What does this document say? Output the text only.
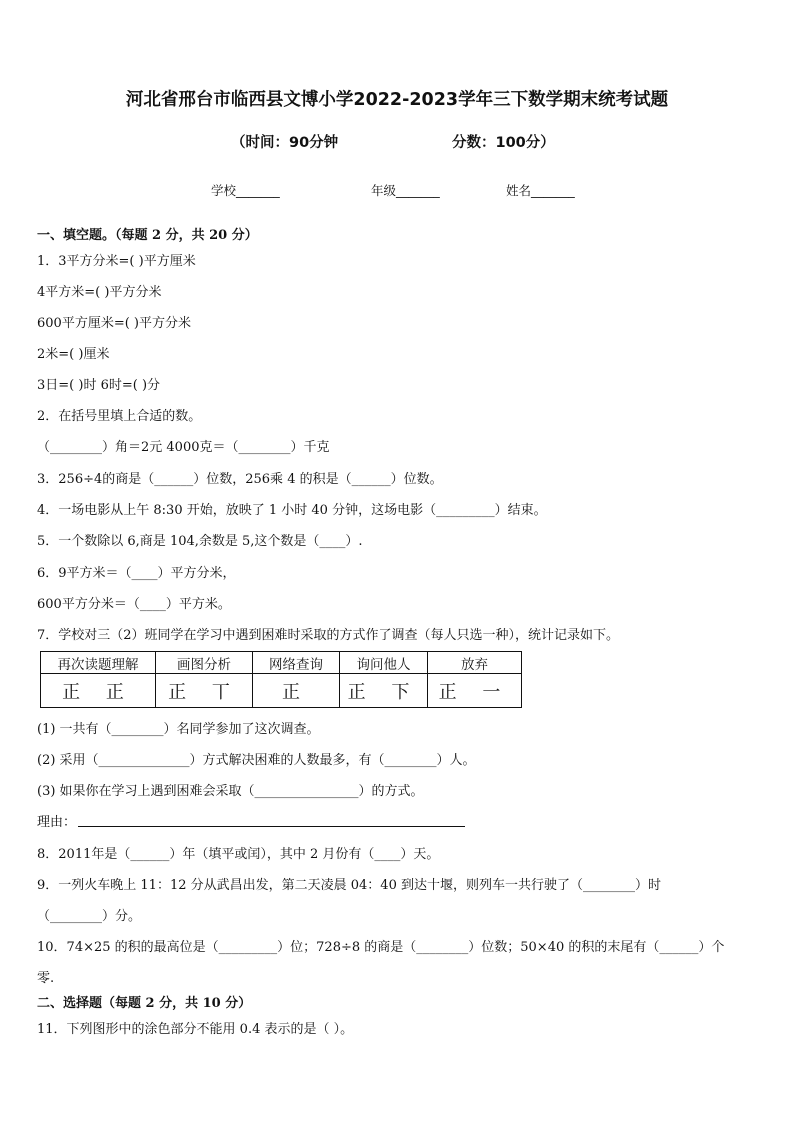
河北省邢台市临西县文博小学2022-2023学年三下数学期末统考试题
（时间：90分钟	分数：100分）
学校_______	年级_______	姓名_______
一、填空题。（每题 2 分，共 20 分）
1．3平方分米=( )平方厘米
4平方米=( )平方分米
600平方厘米=( )平方分米
2米=( )厘米
3日=( )时 6时=( )分
2．在括号里填上合适的数。
（________）角＝2元 4000克＝（________）千克
3．256÷4的商是（______）位数，256乘 4 的积是（______）位数。
4．一场电影从上午 8:30 开始，放映了 1 小时 40 分钟，这场电影（_________）结束。
5．一个数除以 6,商是 104,余数是 5,这个数是（____）.
6．9平方米＝（____）平方分米，
600平方分米＝（____）平方米。
7．学校对三（2）班同学在学习中遇到困难时采取的方式作了调查（每人只选一种），统计记录如下。
再次读题理解	画图分析	网络查询	询问他人	放弃
正 正	正 丅	正	正 下	正 一
(1) 一共有（________）名同学参加了这次调查。
(2) 采用（______________）方式解决困难的人数最多，有（________）人。
(3) 如果你在学习上遇到困难会采取（________________）的方式。
理由：
8．2011年是（______）年（填平或闰），其中 2 月份有（____）天。
9．一列火车晚上 11：12 分从武昌出发，第二天凌晨 04：40 到达十堰，则列车一共行驶了（________）时
（________）分。
10．74×25 的积的最高位是（_________）位；728÷8 的商是（________）位数；50×40 的积的末尾有（______）个
零.
二、选择题（每题 2 分，共 10 分）
11．下列图形中的涂色部分不能用 0.4 表示的是（ ）。
